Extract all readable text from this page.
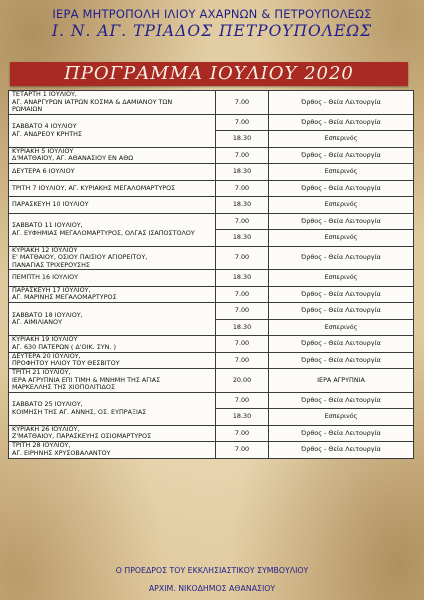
ΙΕΡΑ ΜΗΤΡΟΠΟΛΗ ΙΛΙΟΥ ΑΧΑΡΝΩΝ & ΠΕΤΡΟΥΠΟΛΕΩΣ
Ι. Ν. ΑΓ. ΤΡΙΑΔΟΣ ΠΕΤΡΟΥΠΟΛΕΩΣ
ΠΡΟΓΡΑΜΜΑ ΙΟΥΛΙΟΥ 2020
ΤΕΤΑΡΤΗ 1 ΙΟΥΛΙΟΥ,
ΑΓ. ΑΝΑΡΓΥΡΩΝ ΙΑΤΡΩΝ ΚΟΣΜΑ & ΔΑΜΙΑΝΟΥ ΤΩΝ
ΡΩΜΑΙΩΝ	7.00	Όρθος - Θεία Λειτουργία

ΣΑΒΒΑΤΟ 4 ΙΟΥΛΙΟΥ
ΑΓ. ΑΝΔΡΕΟΥ ΚΡΗΤΗΣ	7.00	Όρθος - Θεία Λειτουργία
	18.30	Εσπερινός

ΚΥΡΙΑΚΗ 5 ΙΟΥΛΙΟΥ
Δ'ΜΑΤΘΑΙΟΥ, ΑΓ. ΑΘΑΝΑΣΙΟΥ ΕΝ ΑΘΩ	7.00	Όρθος - Θεία Λειτουργία

ΔΕΥΤΕΡΑ 6 ΙΟΥΛΙΟΥ	18.30	Εσπερινός

ΤΡΙΤΗ 7 ΙΟΥΛΙΟΥ, ΑΓ. ΚΥΡΙΑΚΗΣ ΜΕΓΑΛΟΜΑΡΤΥΡΟΣ	7.00	Όρθος - Θεία Λειτουργία

ΠΑΡΑΣΚΕΥΗ 10 ΙΟΥΛΙΟΥ	18.30	Εσπερινός

ΣΑΒΒΑΤΟ 11 ΙΟΥΛΙΟΥ,
ΑΓ. ΕΥΦΗΜΙΑΣ ΜΕΓΑΛΟΜΑΡΤΥΡΟΣ, ΟΛΓΑΣ ΙΣΑΠΟΣΤΟΛΟΥ	7.00	Όρθος - Θεία Λειτουργία
	18.30	Εσπερινός

ΚΥΡΙΑΚΗ 12 ΙΟΥΛΙΟΥ
Ε' ΜΑΤΘΑΙΟΥ, ΟΣΙΟΥ ΠΑΙΣΙΟΥ ΑΓΙΟΡΕΙΤΟΥ,
ΠΑΝΑΓΙΑΣ ΤΡΙΧΕΡΟΥΣΗΣ	7.00	Όρθος - Θεία Λειτουργία

ΠΕΜΠΤΗ 16 ΙΟΥΛΙΟΥ	18.30	Εσπερινός

ΠΑΡΑΣΚΕΥΗ 17 ΙΟΥΛΙΟΥ,
ΑΓ. ΜΑΡΙΝΗΣ ΜΕΓΑΛΟΜΑΡΤΥΡΟΣ	7.00	Όρθος - Θεία Λειτουργία

ΣΑΒΒΑΤΟ 18 ΙΟΥΛΙΟΥ,
ΑΓ. ΑΙΜΙΛΙΑΝΟΥ	7.00	Όρθος - Θεία Λειτουργία
	18.30	Εσπερινός

ΚΥΡΙΑΚΗ 19 ΙΟΥΛΙΟΥ
ΑΓ. 630 ΠΑΤΕΡΩΝ ( Δ'ΟΙΚ. ΣΥΝ. )	7.00	Όρθος - Θεία Λειτουργία

ΔΕΥΤΕΡΑ 20 ΙΟΥΛΙΟΥ,
ΠΡΟΦΗΤΟΥ ΗΛΙΟΥ ΤΟΥ ΘΕΣΒΙΤΟΥ	7.00	Όρθος - Θεία Λειτουργία

ΤΡΙΤΗ 21 ΙΟΥΛΙΟΥ,
ΙΕΡΑ ΑΓΡΥΠΝΙΑ ΕΠΙ ΤΙΜΗ & ΜΝΗΜΗ ΤΗΣ ΑΓΙΑΣ
ΜΑΡΚΕΛΛΗΣ ΤΗΣ ΧΙΟΠΟΛΙΤΙΔΟΣ	20.00	ΙΕΡΑ ΑΓΡΥΠΝΙΑ

ΣΑΒΒΑΤΟ 25 ΙΟΥΛΙΟΥ,
ΚΟΙΜΗΣΗ ΤΗΣ ΑΓ. ΑΝΝΗΣ, ΟΣ. ΕΥΠΡΑΞΙΑΣ	7.00	Όρθος - Θεία Λειτουργία
	18.30	Εσπερινός

ΚΥΡΙΑΚΗ 26 ΙΟΥΛΙΟΥ,
Ζ'ΜΑΤΘΑΙΟΥ, ΠΑΡΑΣΚΕΥΗΣ ΟΣΙΟΜΑΡΤΥΡΟΣ	7.00	Όρθος - Θεία Λειτουργία

ΤΡΙΤΗ 28 ΙΟΥΛΙΟΥ,
ΑΓ. ΕΙΡΗΝΗΣ ΧΡΥΣΟΒΑΛΑΝΤΟΥ	7.00	Όρθος - Θεία Λειτουργία
Ο ΠΡΟΕΔΡΟΣ ΤΟΥ ΕΚΚΛΗΣΙΑΣΤΙΚΟΥ ΣΥΜΒΟΥΛΙΟΥ
ΑΡΧΙΜ. ΝΙΚΟΔΗΜΟΣ ΑΘΑΝΑΣΙΟΥ
